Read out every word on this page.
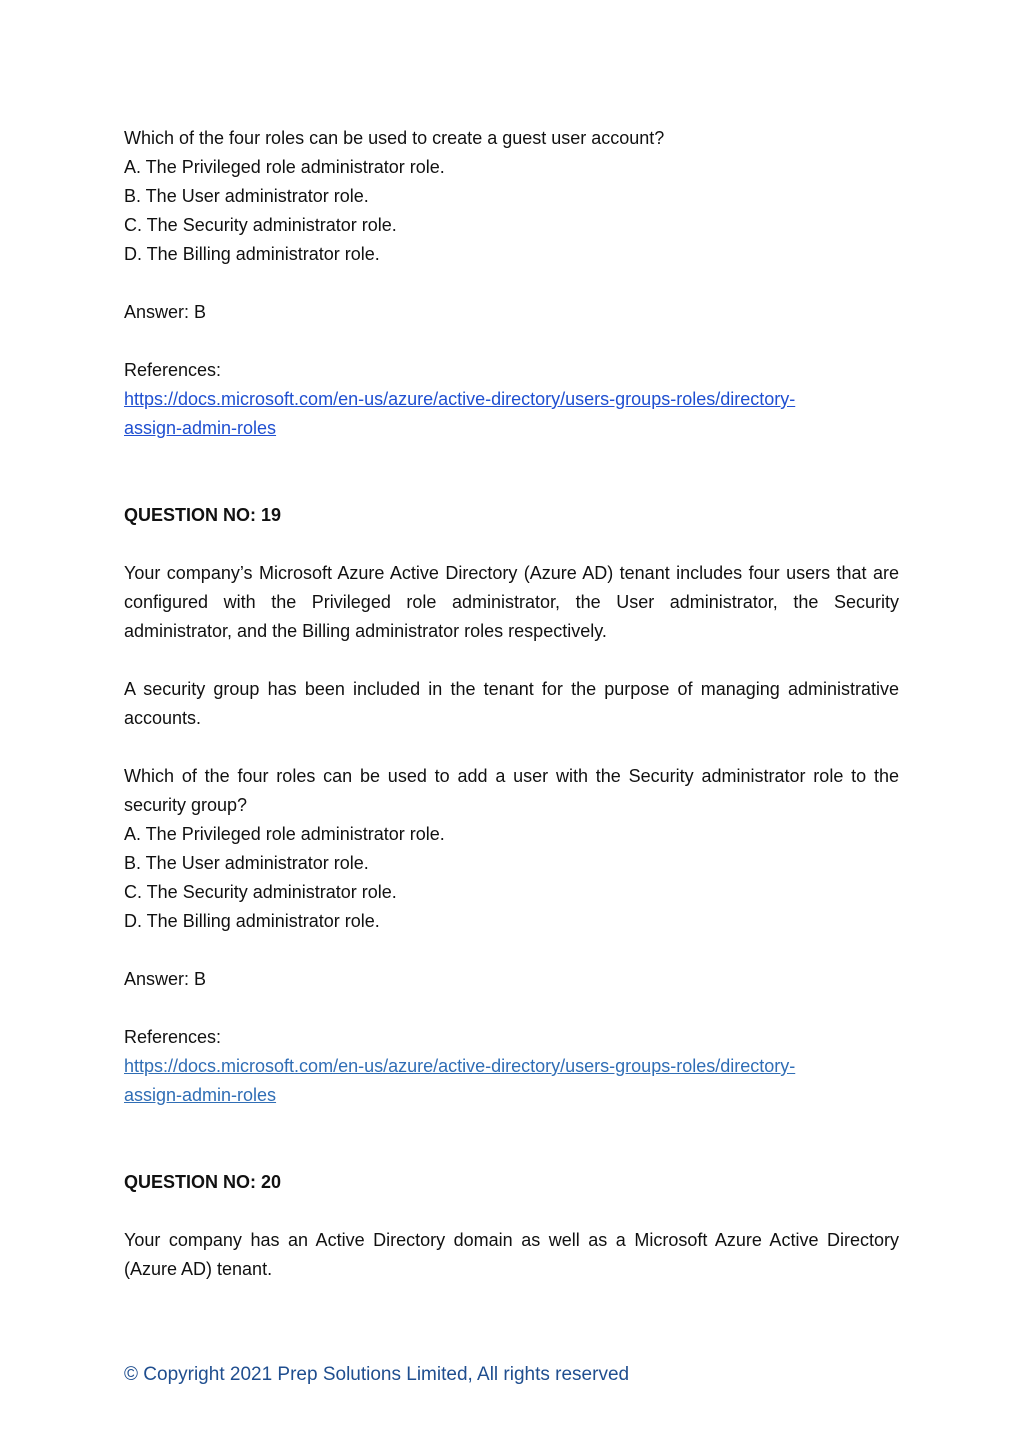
Which of the four roles can be used to create a guest user account?
A. The Privileged role administrator role.
B. The User administrator role.
C. The Security administrator role.
D. The Billing administrator role.
Answer: B
References:
https://docs.microsoft.com/en-us/azure/active-directory/users-groups-roles/directory-
assign-admin-roles
QUESTION NO: 19

Your company’s Microsoft Azure Active Directory (Azure AD) tenant includes four users that are configured with the Privileged role administrator, the User administrator, the Security administrator, and the Billing administrator roles respectively.

A security group has been included in the tenant for the purpose of managing administrative accounts.

Which of the four roles can be used to add a user with the Security administrator role to the security group?

A. The Privileged role administrator role.
B. The User administrator role.
C. The Security administrator role.
D. The Billing administrator role.
Answer: B
References:
https://docs.microsoft.com/en-us/azure/active-directory/users-groups-roles/directory-
assign-admin-roles
QUESTION NO: 20

Your company has an Active Directory domain as well as a Microsoft Azure Active Directory (Azure AD) tenant.

© Copyright 2021 Prep Solutions Limited, All rights reserved
